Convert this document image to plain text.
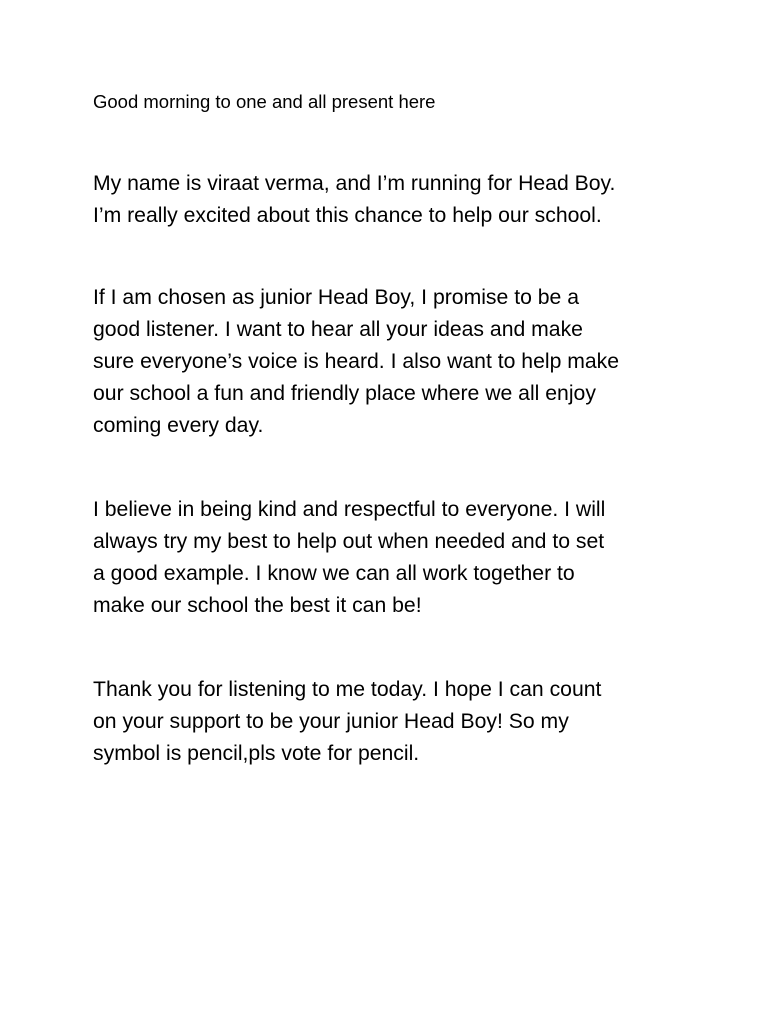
Good morning to one and all present here

My name is viraat verma, and I’m running for Head Boy.
I’m really excited about this chance to help our school.

If I am chosen as junior Head Boy, I promise to be a
good listener. I want to hear all your ideas and make
sure everyone’s voice is heard. I also want to help make
our school a fun and friendly place where we all enjoy
coming every day.

I believe in being kind and respectful to everyone. I will
always try my best to help out when needed and to set
a good example. I know we can all work together to
make our school the best it can be!

Thank you for listening to me today. I hope I can count
on your support to be your junior Head Boy! So my
symbol is pencil,pls vote for pencil.
